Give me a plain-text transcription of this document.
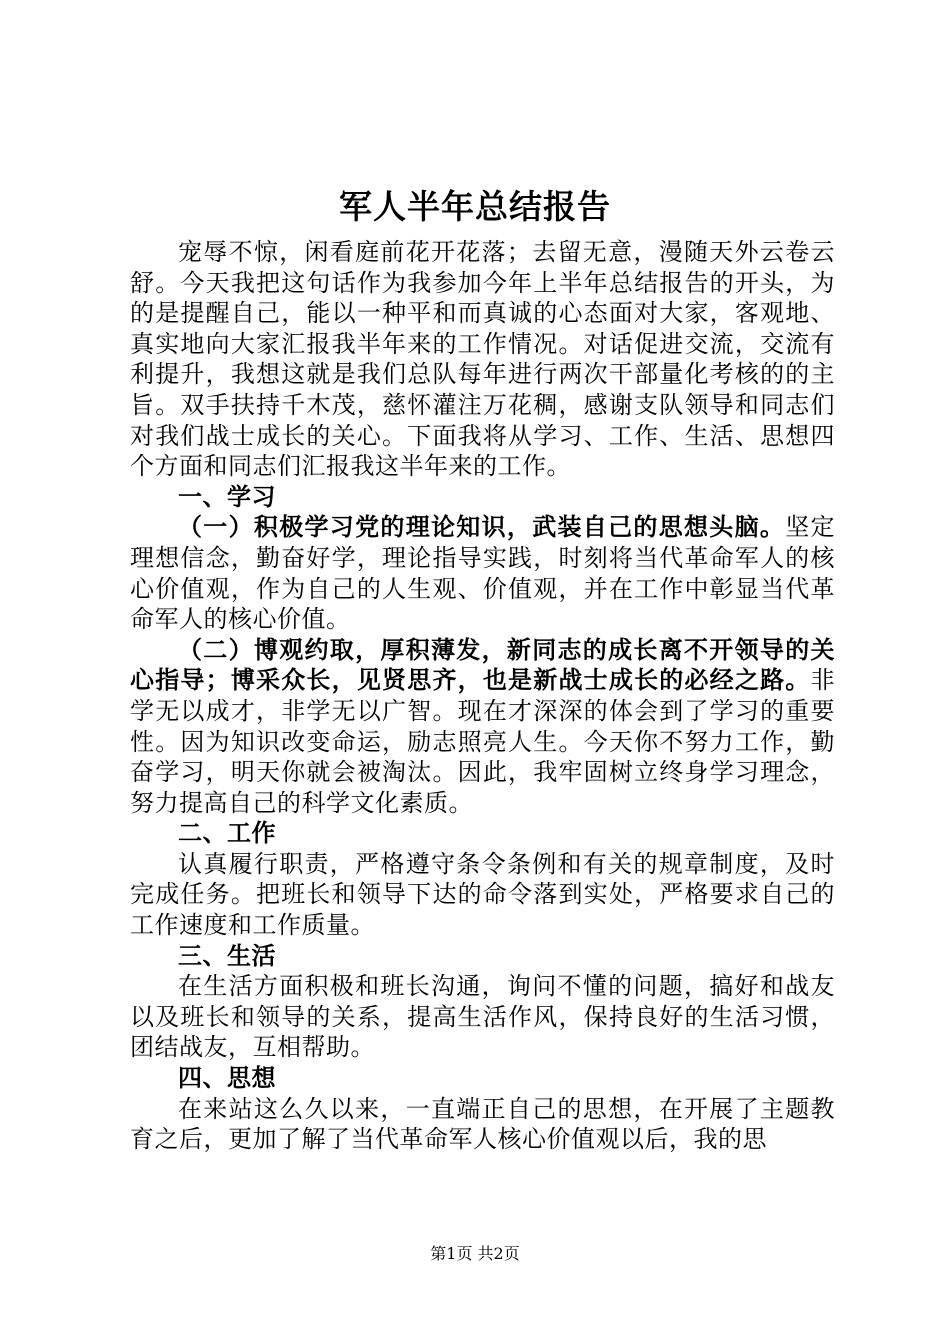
军人半年总结报告

宠辱不惊，闲看庭前花开花落；去留无意，漫随天外云卷云舒。今天我把这句话作为我参加今年上半年总结报告的开头，为的是提醒自己，能以一种平和而真诚的心态面对大家，客观地、真实地向大家汇报我半年来的工作情况。对话促进交流，交流有利提升，我想这就是我们总队每年进行两次干部量化考核的的主旨。双手扶持千木茂，慈怀灌注万花稠，感谢支队领导和同志们对我们战士成长的关心。下面我将从学习、工作、生活、思想四个方面和同志们汇报我这半年来的工作。

一、学习

（一）积极学习党的理论知识，武装自己的思想头脑。坚定理想信念，勤奋好学，理论指导实践，时刻将当代革命军人的核心价值观，作为自己的人生观、价值观，并在工作中彰显当代革命军人的核心价值。

（二）博观约取，厚积薄发，新同志的成长离不开领导的关心指导；博采众长，见贤思齐，也是新战士成长的必经之路。非学无以成才，非学无以广智。现在才深深的体会到了学习的重要性。因为知识改变命运，励志照亮人生。今天你不努力工作，勤奋学习，明天你就会被淘汰。因此，我牢固树立终身学习理念，努力提高自己的科学文化素质。

二、工作

认真履行职责，严格遵守条令条例和有关的规章制度，及时完成任务。把班长和领导下达的命令落到实处，严格要求自己的工作速度和工作质量。

三、生活

在生活方面积极和班长沟通，询问不懂的问题，搞好和战友以及班长和领导的关系，提高生活作风，保持良好的生活习惯，团结战友，互相帮助。

四、思想

在来站这么久以来，一直端正自己的思想，在开展了主题教育之后，更加了解了当代革命军人核心价值观以后，我的思

第1页 共2页
